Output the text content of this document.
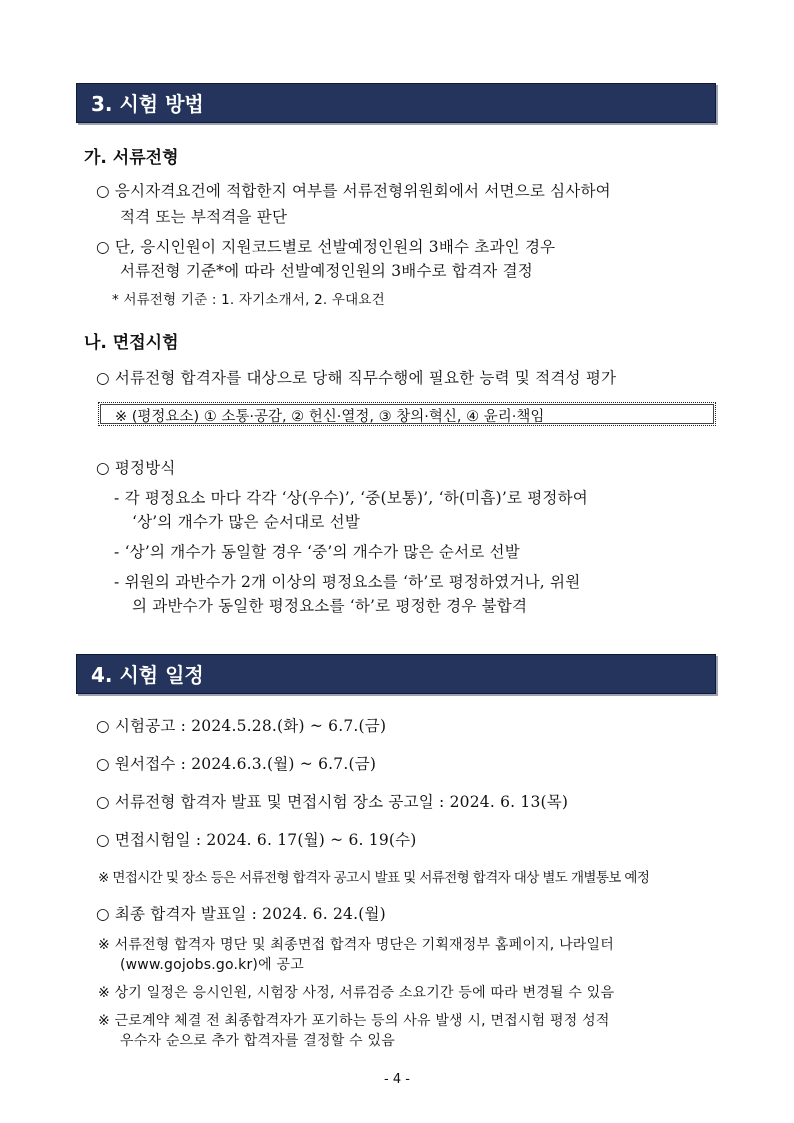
3. 시험 방법
가. 서류전형
○ 응시자격요건에 적합한지 여부를 서류전형위원회에서 서면으로 심사하여
적격 또는 부적격을 판단
○ 단, 응시인원이 지원코드별로 선발예정인원의 3배수 초과인 경우
서류전형 기준*에 따라 선발예정인원의 3배수로 합격자 결정
* 서류전형 기준 : 1. 자기소개서, 2. 우대요건
나. 면접시험
○ 서류전형 합격자를 대상으로 당해 직무수행에 필요한 능력 및 적격성 평가
※ (평정요소) ① 소통·공감, ② 헌신·열정, ③ 창의·혁신, ④ 윤리·책임
○ 평정방식
- 각 평정요소 마다 각각 ‘상(우수)’, ‘중(보통)’, ‘하(미흡)’로 평정하여
‘상’의 개수가 많은 순서대로 선발
- ‘상’의 개수가 동일할 경우 ‘중’의 개수가 많은 순서로 선발
- 위원의 과반수가 2개 이상의 평정요소를 ‘하’로 평정하였거나, 위원
의 과반수가 동일한 평정요소를 ‘하’로 평정한 경우 불합격
4. 시험 일정
○ 시험공고 : 2024.5.28.(화) ~ 6.7.(금)
○ 원서접수 : 2024.6.3.(월) ~ 6.7.(금)
○ 서류전형 합격자 발표 및 면접시험 장소 공고일 : 2024. 6. 13(목)
○ 면접시험일 : 2024. 6. 17(월) ~ 6. 19(수)
※ 면접시간 및 장소 등은 서류전형 합격자 공고시 발표 및 서류전형 합격자 대상 별도 개별통보 예정
○ 최종 합격자 발표일 : 2024. 6. 24.(월)
※ 서류전형 합격자 명단 및 최종면접 합격자 명단은 기획재정부 홈페이지, 나라일터
(www.gojobs.go.kr)에 공고
※ 상기 일정은 응시인원, 시험장 사정, 서류검증 소요기간 등에 따라 변경될 수 있음
※ 근로계약 체결 전 최종합격자가 포기하는 등의 사유 발생 시, 면접시험 평정 성적
우수자 순으로 추가 합격자를 결정할 수 있음
- 4 -
